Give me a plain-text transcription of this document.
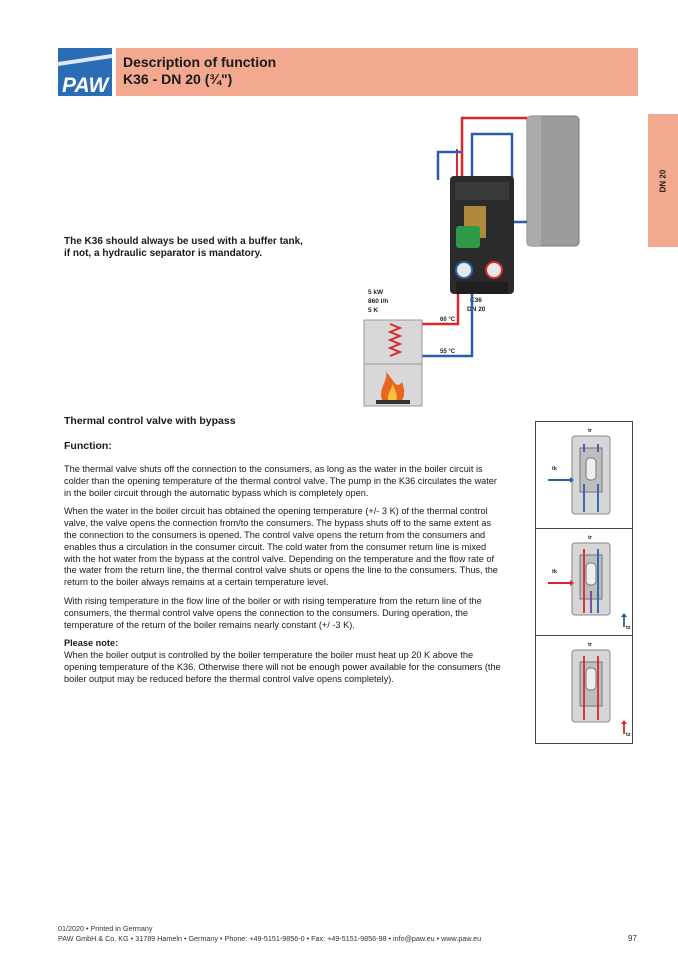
PAW
Description of function
K36 - DN 20 (¾")
DN 20
The K36 should always be used with a buffer tank, if not, a hydraulic separator is mandatory.
5 kW
860 l/h
5 K
K36
DN 20
60 °C
55 °C
Thermal control valve with bypass
Function:

The thermal valve shuts off the connection to the consumers, as long as the water in the boiler circuit is colder than the opening temperature of the thermal control valve. The pump in the K36 circulates the water in the boiler circuit through the automatic bypass which is completely open.

When the water in the boiler circuit has obtained the opening temperature (+/- 3 K) of the thermal control valve, the valve opens the connection from/to the consumers. The bypass shuts off to the same extent as the connection to the consumers is opened. The control valve opens the return from the consumers and enables thus a circulation in the consumer circuit. The cold water from the consumer return line is mixed with the hot water from the bypass at the control valve. Depending on the temperature and the flow rate of the water from the return line, the thermal control valve shuts or opens the line to the consumers. Thus, the return to the boiler always remains at a certain temperature level.

With rising temperature in the flow line of the boiler or with rising temperature from the return line of the consumers, the thermal control valve opens the connection to the consumers. During operation, the temperature of the return of the boiler remains nearly constant (+/ -3 K).

Please note:

When the boiler output is controlled by the boiler temperature the boiler must heat up 20 K above the opening temperature of the K36. Otherwise there will not be enough power available for the consumers (the boiler output may be reduced before the thermal control valve opens completely).

tr
tk
tr
tk
tz
tr
tz
01/2020 • Printed in Germany
PAW GmbH & Co. KG • 31789 Hameln • Germany • Phone: +49-5151-9856-0 • Fax: +49-5151-9856-98 • info@paw.eu • www.paw.eu	97
